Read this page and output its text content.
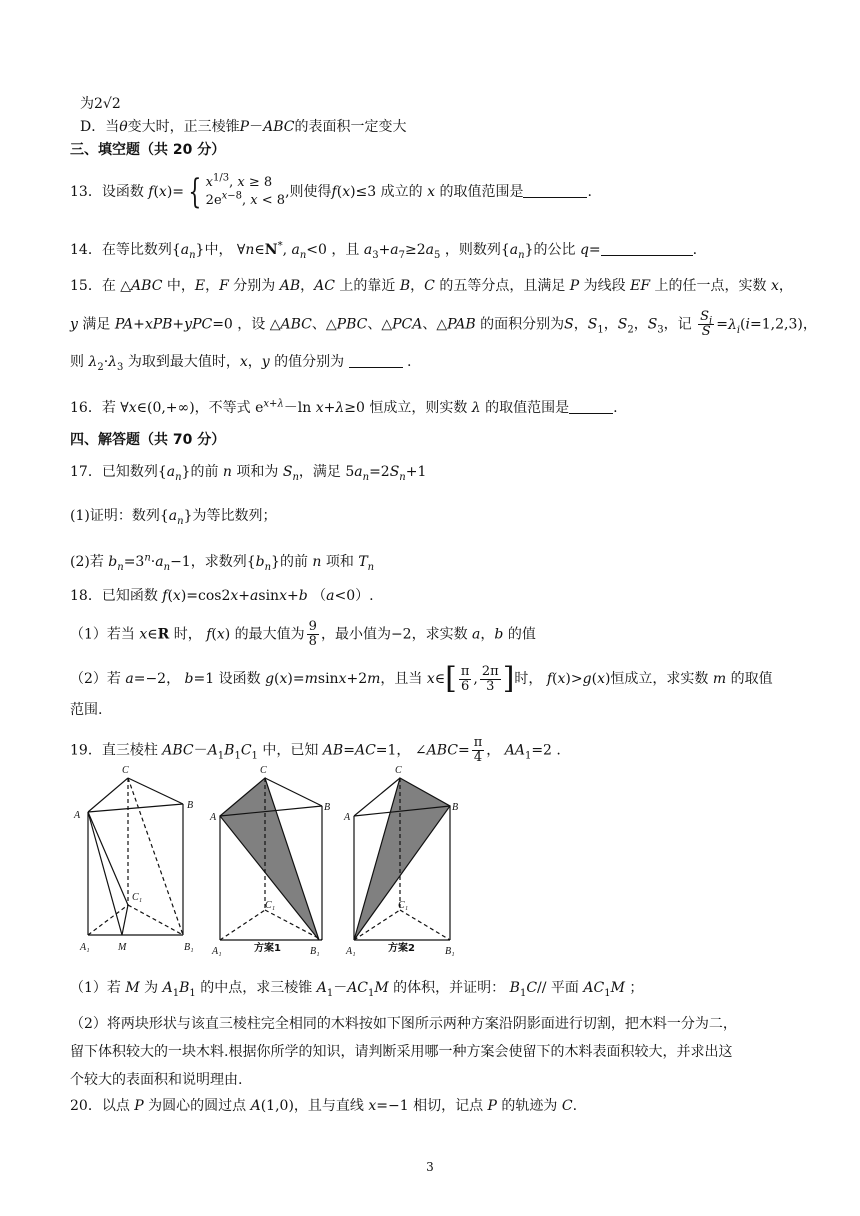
为2√2
D．当θ变大时，正三棱锥P－ABC的表面积一定变大
三、填空题（共 20 分）
13．设函数 f(x)= { $x^{1/3}$, x ≥ 8
$2e^{x-8}$, x < 8
,则使得f(x)≤3 成立的 x 的取值范围是	.
14．在等比数列$\{a_n\}$中， ∀n∈N*, $a_n<0$ ，且 $a_3+a_7\ge 2a_5$ ，则数列$\{a_n\}$的公比 q=	.
15．在 △ABC 中，E，F 分别为 AB，AC 上的靠近 B，C 的五等分点，且满足 P 为线段 EF 上的任一点，实数 x，
y 满足 PA+xPB+yPC=0 ，设 △ABC、△PBC、△PCA、△PAB 的面积分别为S，$S_1$，$S_2$，$S_3$，记 $\frac{S_i}{S} =\lambda_i(i=1,2,3)$，
则 $\lambda_2\cdot\lambda_3$ 为取到最大值时，x，y 的值分别为	.
16．若 ∀x∈(0,+∞)，不等式 $e^{x+\lambda}-\ln$ x+λ≥0 恒成立，则实数 λ 的取值范围是	.
四、解答题（共 70 分）
17．已知数列$\{a_n\}$的前 n 项和为 $S_n$，满足 $5a_n=2S_n+1$
(1)证明：数列$\{a_n\}$为等比数列；
(2)若 $b_n=3^n\cdot a_n-1$，求数列$\{b_n\}$的前 n 项和 $T_n$
18．已知函数 f(x)=cos2x+asinx+b （a<0）.
（1）若当 x∈R 时， f(x) 的最大值为 $\frac{9}{8}$ ，最小值为−2，求实数 a，b 的值
（2）若 a=−2， b=1 设函数 g(x)=msinx+2m，且当 x∈[ $\frac{\pi}{6}$ , $\frac{2\pi}{3}$ ]时， f(x)>g(x)恒成立，求实数 m 的取值
范围.
19．直三棱柱 $ABC-A_1B_1C_1$ 中，已知 AB=AC=1， ∠ABC= $\frac{\pi}{4}$ ， $AA_1=2$ .
A
C
B
C₁
A₁	M	B₁
A
C
B
C₁
A₁	B₁
方案1
A
C
B
C₁
A₁	B₁
方案2
（1）若 M 为 $A_1B_1$ 的中点，求三棱锥 $A_1-AC_1M$ 的体积，并证明： $B_1C//$ 平面 $AC_1M$ ；
（2）将两块形状与该直三棱柱完全相同的木料按如下图所示两种方案沿阴影面进行切割，把木料一分为二，
留下体积较大的一块木料.根据你所学的知识，请判断采用哪一种方案会使留下的木料表面积较大，并求出这
个较大的表面积和说明理由.
20．以点 P 为圆心的圆过点 A(1,0)，且与直线 x=−1 相切，记点 P 的轨迹为 C.
3
